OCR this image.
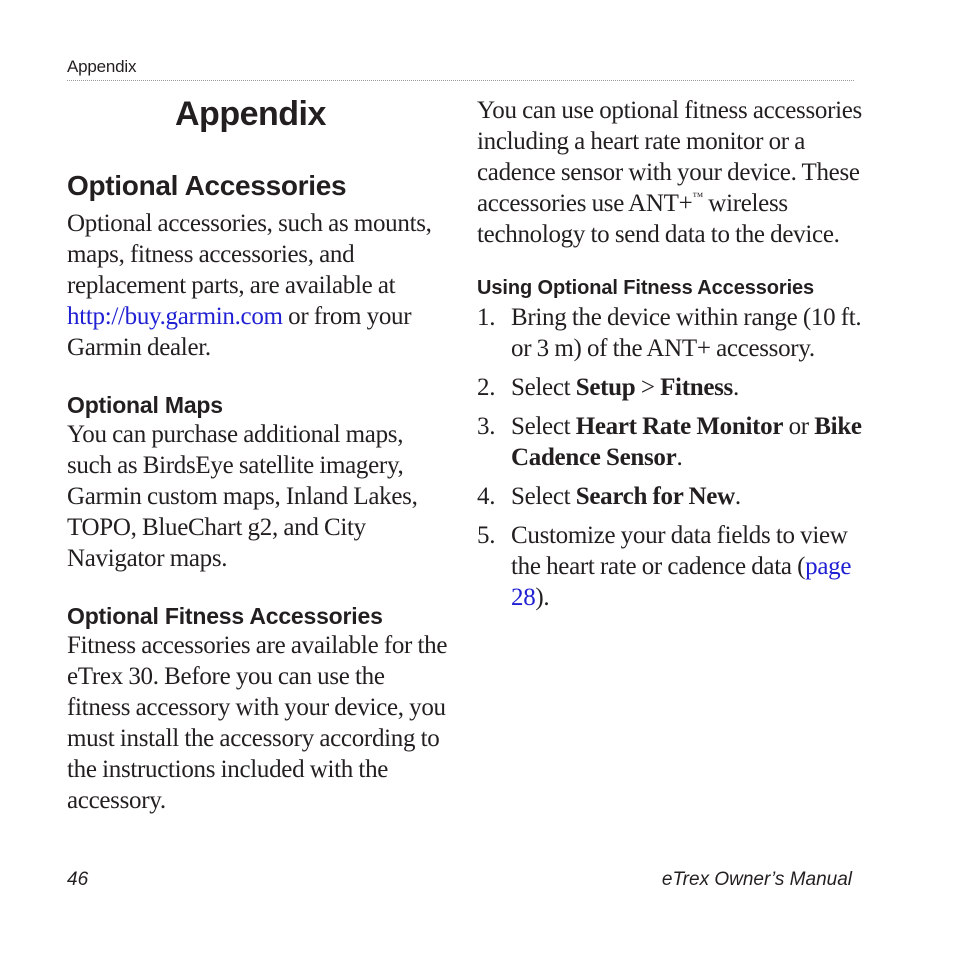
Appendix
Appendix
Optional Accessories

Optional accessories, such as mounts, maps, fitness accessories, and replacement parts, are available at http://buy.garmin.com or from your Garmin dealer.

Optional Maps

You can purchase additional maps, such as BirdsEye satellite imagery, Garmin custom maps, Inland Lakes, TOPO, BlueChart g2, and City Navigator maps.

Optional Fitness Accessories

Fitness accessories are available for the eTrex 30. Before you can use the fitness accessory with your device, you must install the accessory according to the instructions included with the accessory.

You can use optional fitness accessories including a heart rate monitor or a cadence sensor with your device. These accessories use ANT+™ wireless technology to send data to the device.

Using Optional Fitness Accessories
1. Bring the device within range (10 ft. or 3 m) of the ANT+ accessory.
2. Select Setup > Fitness.
3. Select Heart Rate Monitor or Bike Cadence Sensor.
4. Select Search for New.
5. Customize your data fields to view the heart rate or cadence data (page 28).
46	eTrex Owner’s Manual
